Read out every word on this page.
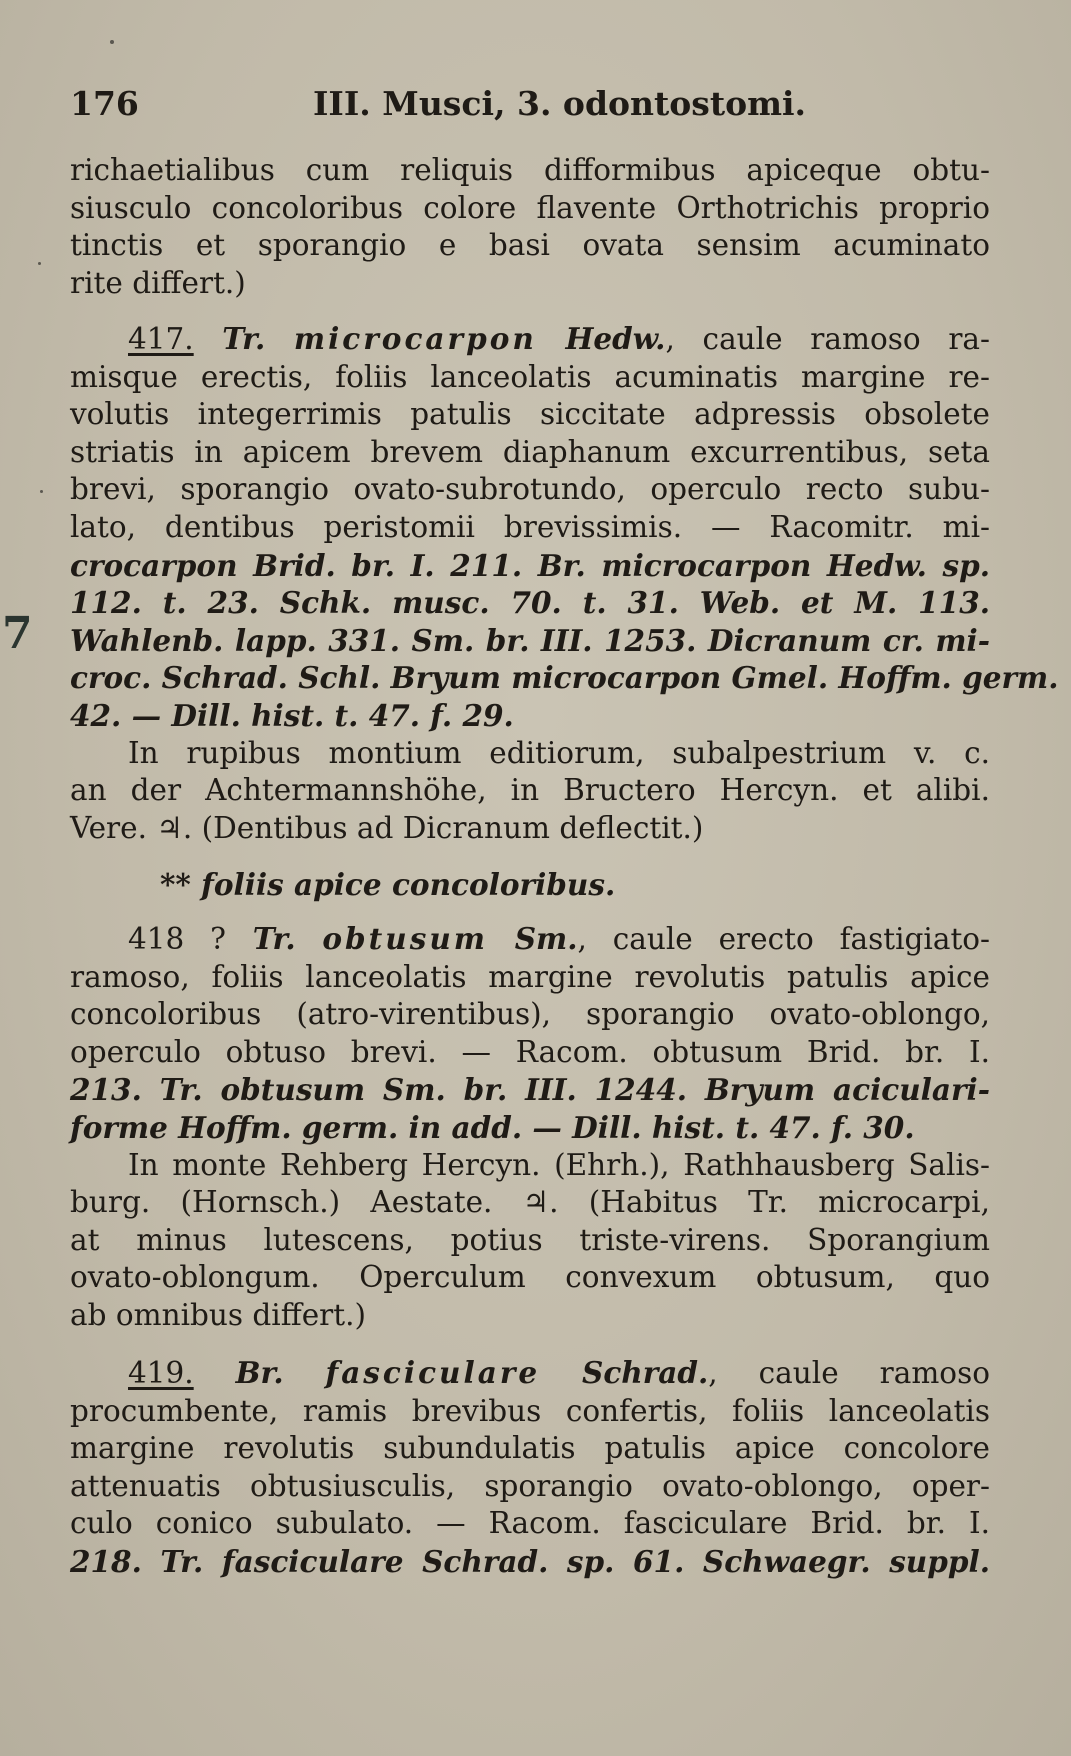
176	III. Musci, 3. odontostomi.
7
richaetialibus cum reliquis difformibus apiceque obtu-
siusculo concoloribus colore flavente Orthotrichis proprio
tinctis et sporangio e basi ovata sensim acuminato
rite differt.)
417. Tr. microcarpon Hedw., caule ramoso ra-
misque erectis, foliis lanceolatis acuminatis margine re-
volutis integerrimis patulis siccitate adpressis obsolete
striatis in apicem brevem diaphanum excurrentibus, seta
brevi, sporangio ovato-subrotundo, operculo recto subu-
lato, dentibus peristomii brevissimis. — Racomitr. mi-
crocarpon Brid. br. I. 211. Br. microcarpon Hedw. sp.
112. t. 23. Schk. musc. 70. t. 31. Web. et M. 113.
Wahlenb. lapp. 331. Sm. br. III. 1253. Dicranum cr. mi-
croc. Schrad. Schl. Bryum microcarpon Gmel. Hoffm. germ.
42. — Dill. hist. t. 47. f. 29.
In rupibus montium editiorum, subalpestrium v. c.
an der Achtermannshöhe, in Bructero Hercyn. et alibi.
Vere. ♃. (Dentibus ad Dicranum deflectit.)
** foliis apice concoloribus.
418 ? Tr. obtusum Sm., caule erecto fastigiato-
ramoso, foliis lanceolatis margine revolutis patulis apice
concoloribus (atro-virentibus), sporangio ovato-oblongo,
operculo obtuso brevi. — Racom. obtusum Brid. br. I.
213. Tr. obtusum Sm. br. III. 1244. Bryum aciculari-
forme Hoffm. germ. in add. — Dill. hist. t. 47. f. 30.
In monte Rehberg Hercyn. (Ehrh.), Rathhausberg Salis-
burg. (Hornsch.) Aestate. ♃. (Habitus Tr. microcarpi,
at minus lutescens, potius triste-virens. Sporangium
ovato-oblongum. Operculum convexum obtusum, quo
ab omnibus differt.)
419. Br. fasciculare Schrad., caule ramoso
procumbente, ramis brevibus confertis, foliis lanceolatis
margine revolutis subundulatis patulis apice concolore
attenuatis obtusiusculis, sporangio ovato-oblongo, oper-
culo conico subulato. — Racom. fasciculare Brid. br. I.
218. Tr. fasciculare Schrad. sp. 61. Schwaegr. suppl.
